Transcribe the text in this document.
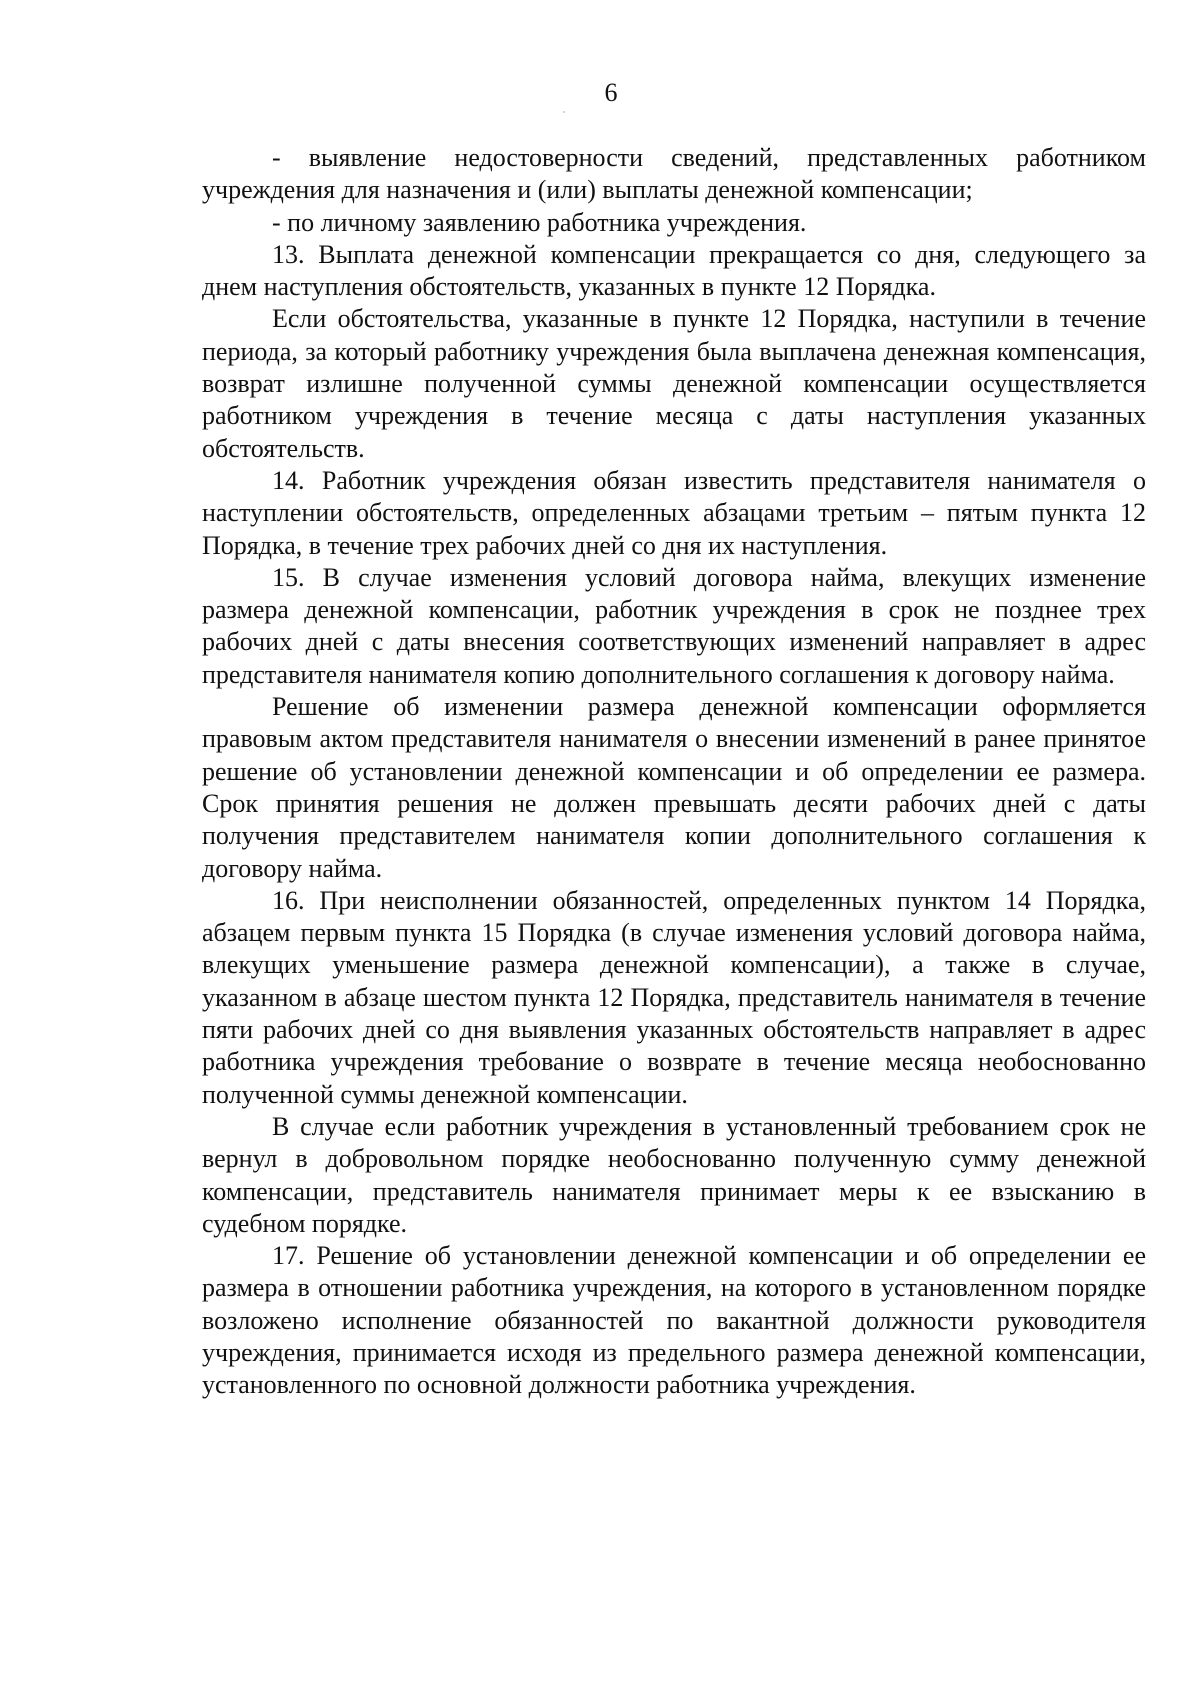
6

- выявление недостоверности сведений, представленных работником учреждения для назначения и (или) выплаты денежной компенсации;

- по личному заявлению работника учреждения.

13. Выплата денежной компенсации прекращается со дня, следующего за днем наступления обстоятельств, указанных в пункте 12 Порядка.

Если обстоятельства, указанные в пункте 12 Порядка, наступили в течение периода, за который работнику учреждения была выплачена денежная компенсация, возврат излишне полученной суммы денежной компенсации осуществляется работником учреждения в течение месяца с даты наступления указанных обстоятельств.

14. Работник учреждения обязан известить представителя нанимателя о наступлении обстоятельств, определенных абзацами третьим – пятым пункта 12 Порядка, в течение трех рабочих дней со дня их наступления.

15. В случае изменения условий договора найма, влекущих изменение размера денежной компенсации, работник учреждения в срок не позднее трех рабочих дней с даты внесения соответствующих изменений направляет в адрес представителя нанимателя копию дополнительного соглашения к договору найма.

Решение об изменении размера денежной компенсации оформляется правовым актом представителя нанимателя о внесении изменений в ранее принятое решение об установлении денежной компенсации и об определении ее размера. Срок принятия решения не должен превышать десяти рабочих дней с даты получения представителем нанимателя копии дополнительного соглашения к договору найма.

16. При неисполнении обязанностей, определенных пунктом 14 Порядка, абзацем первым пункта 15 Порядка (в случае изменения условий договора найма, влекущих уменьшение размера денежной компенсации), а также в случае, указанном в абзаце шестом пункта 12 Порядка, представитель нанимателя в течение пяти рабочих дней со дня выявления указанных обстоятельств направляет в адрес работника учреждения требование о возврате в течение месяца необоснованно полученной суммы денежной компенсации.

В случае если работник учреждения в установленный требованием срок не вернул в добровольном порядке необоснованно полученную сумму денежной компенсации, представитель нанимателя принимает меры к ее взысканию в судебном порядке.

17. Решение об установлении денежной компенсации и об определении ее размера в отношении работника учреждения, на которого в установленном порядке возложено исполнение обязанностей по вакантной должности руководителя учреждения, принимается исходя из предельного размера денежной компенсации, установленного по основной должности работника учреждения.
